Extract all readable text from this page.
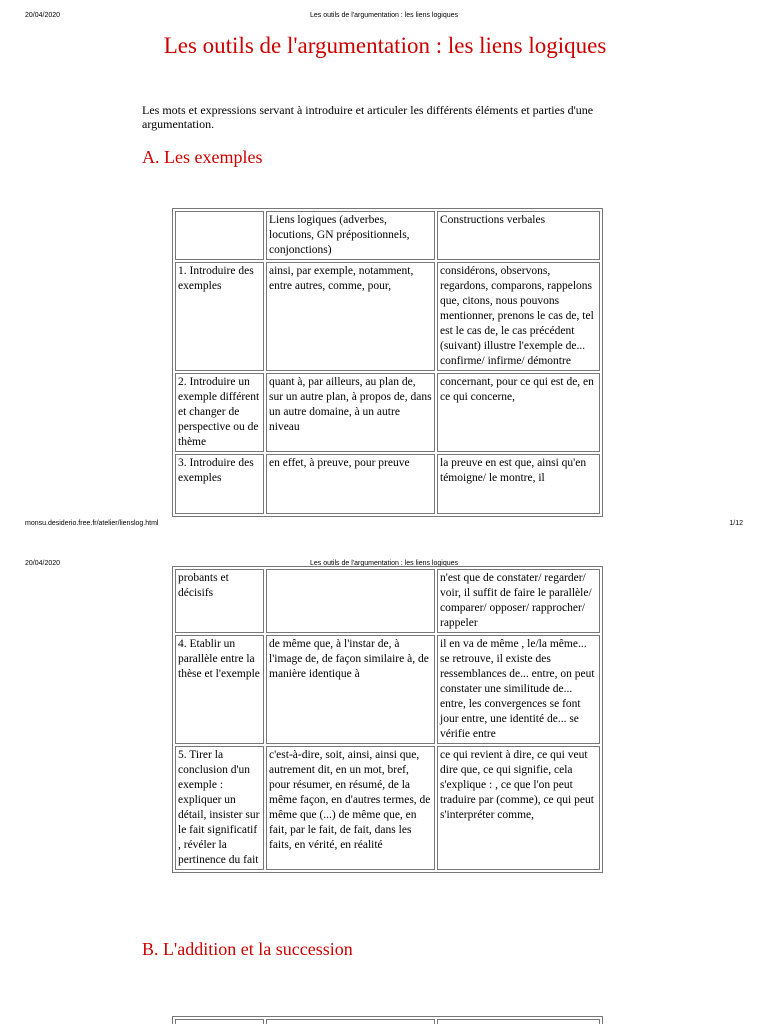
20/04/2020	Les outils de l'argumentation : les liens logiques
Les outils de l'argumentation : les liens logiques

Les mots et expressions servant à introduire et articuler les différents éléments et parties d'une argumentation.

A. Les exemples
	Liens logiques (adverbes, locutions, GN prépositionnels, conjonctions)	Constructions verbales
1. Introduire des exemples	ainsi, par exemple, notamment, entre autres, comme, pour,	considérons, observons, regardons, comparons, rappelons que, citons, nous pouvons mentionner, prenons le cas de, tel est le cas de, le cas précédent (suivant) illustre l'exemple de... confirme/ infirme/ démontre
2. Introduire un exemple différent et changer de perspective ou de thème	quant à, par ailleurs, au plan de, sur un autre plan, à propos de, dans un autre domaine, à un autre niveau	concernant, pour ce qui est de, en ce qui concerne,
3. Introduire des exemples	en effet, à preuve, pour preuve	la preuve en est que, ainsi qu'en témoigne/ le montre, il
monsu.desiderio.free.fr/atelier/lienslog.html	1/12
20/04/2020	Les outils de l'argumentation : les liens logiques
probants et décisifs		n'est que de constater/ regarder/ voir, il suffit de faire le parallèle/ comparer/ opposer/ rapprocher/ rappeler
4. Etablir un parallèle entre la thèse et l'exemple	de même que, à l'instar de, à l'image de, de façon similaire à, de manière identique à	il en va de même , le/la même... se retrouve, il existe des ressemblances de... entre, on peut constater une similitude de... entre, les convergences se font jour entre, une identité de... se vérifie entre
5. Tirer la conclusion d'un exemple : expliquer un détail, insister sur le fait significatif , révéler la pertinence du fait	c'est-à-dire, soit, ainsi, ainsi que, autrement dit, en un mot, bref, pour résumer, en résumé, de la même façon, en d'autres termes, de même que (...) de même que, en fait, par le fait, de fait, dans les faits, en vérité, en réalité	ce qui revient à dire, ce qui veut dire que, ce qui signifie, cela s'explique : , ce que l'on peut traduire par (comme), ce qui peut s'interpréter comme,
B. L'addition et la succession
